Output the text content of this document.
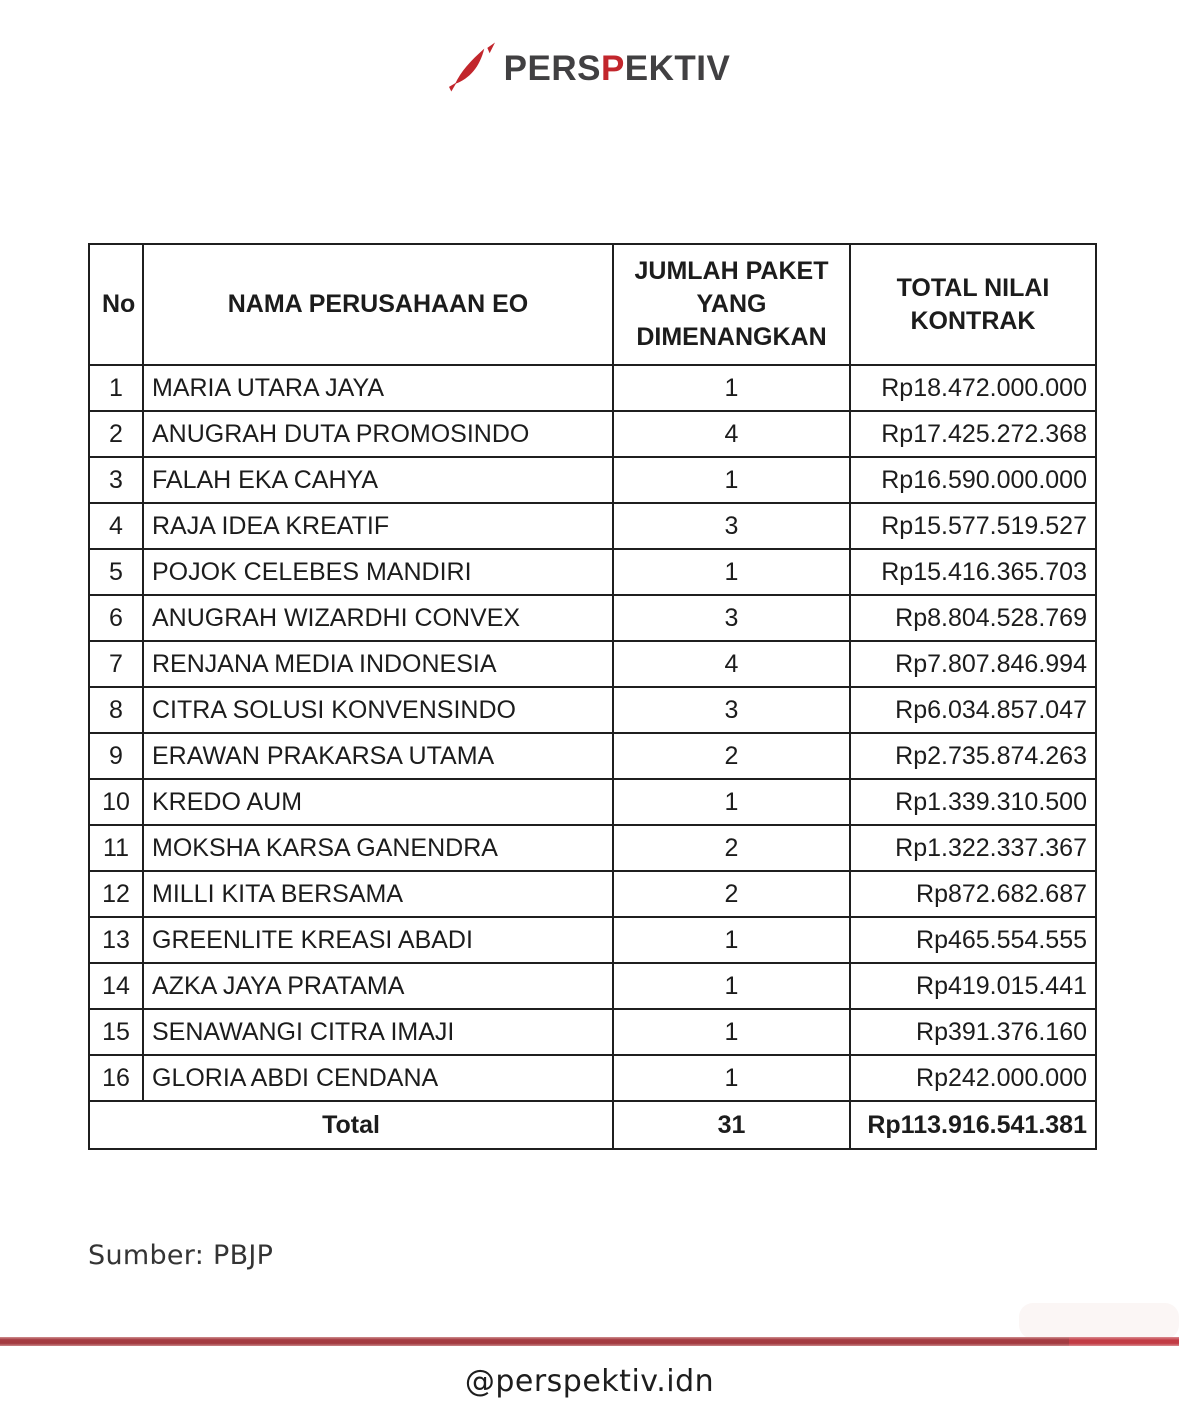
PERSPEKTIV
No	NAMA PERUSAHAAN EO	JUMLAH PAKET YANG DIMENANGKAN	TOTAL NILAI KONTRAK
1	MARIA UTARA JAYA	1	Rp18.472.000.000
2	ANUGRAH DUTA PROMOSINDO	4	Rp17.425.272.368
3	FALAH EKA CAHYA	1	Rp16.590.000.000
4	RAJA IDEA KREATIF	3	Rp15.577.519.527
5	POJOK CELEBES MANDIRI	1	Rp15.416.365.703
6	ANUGRAH WIZARDHI CONVEX	3	Rp8.804.528.769
7	RENJANA MEDIA INDONESIA	4	Rp7.807.846.994
8	CITRA SOLUSI KONVENSINDO	3	Rp6.034.857.047
9	ERAWAN PRAKARSA UTAMA	2	Rp2.735.874.263
10	KREDO AUM	1	Rp1.339.310.500
11	MOKSHA KARSA GANENDRA	2	Rp1.322.337.367
12	MILLI KITA BERSAMA	2	Rp872.682.687
13	GREENLITE KREASI ABADI	1	Rp465.554.555
14	AZKA JAYA PRATAMA	1	Rp419.015.441
15	SENAWANGI CITRA IMAJI	1	Rp391.376.160
16	GLORIA ABDI CENDANA	1	Rp242.000.000
Total		31	Rp113.916.541.381
Sumber: PBJP
@perspektiv.idn
